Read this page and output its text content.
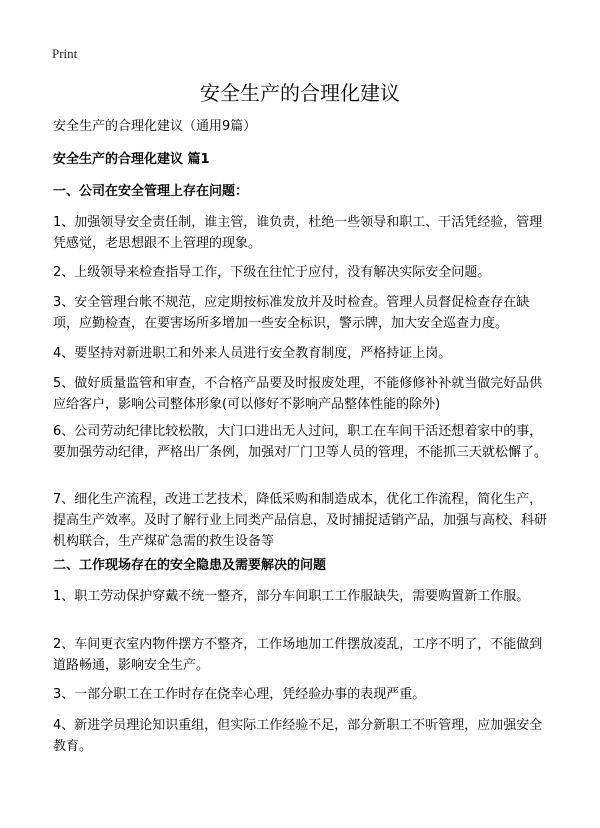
Print
安全生产的合理化建议
安全生产的合理化建议（通用9篇）
安全生产的合理化建议 篇1
一、公司在安全管理上存在问题：

1、加强领导安全责任制，谁主管，谁负责，杜绝一些领导和职工、干活凭经验，管理凭感觉，老思想跟不上管理的现象。

2、上级领导来检查指导工作，下级在往忙于应付，没有解决实际安全问题。

3、安全管理台帐不规范，应定期按标准发放并及时检查。管理人员督促检查存在缺项，应勤检查，在要害场所多增加一些安全标识，警示牌，加大安全巡查力度。

4、要坚持对新进职工和外来人员进行安全教育制度，严格持证上岗。

5、做好质量监管和审查，不合格产品要及时报废处理，不能修修补补就当做完好品供应给客户，影响公司整体形象(可以修好不影响产品整体性能的除外)

6、公司劳动纪律比较松散，大门口进出无人过问，职工在车间干活还想着家中的事，要加强劳动纪律，严格出厂条例，加强对厂门卫等人员的管理，不能抓三天就松懈了。

7、细化生产流程，改进工艺技术，降低采购和制造成本，优化工作流程，简化生产，提高生产效率。及时了解行业上同类产品信息，及时捕捉适销产品，加强与高校、科研机构联合，生产煤矿急需的救生设备等

二、工作现场存在的安全隐患及需要解决的问题

1、职工劳动保护穿戴不统一整齐，部分车间职工工作服缺失，需要购置新工作服。

2、车间更衣室内物件摆方不整齐，工作场地加工件摆放凌乱，工序不明了，不能做到道路畅通，影响安全生产。

3、一部分职工在工作时存在侥幸心理，凭经验办事的表现严重。

4、新进学员理论知识重组，但实际工作经验不足，部分新职工不听管理，应加强安全教育。
